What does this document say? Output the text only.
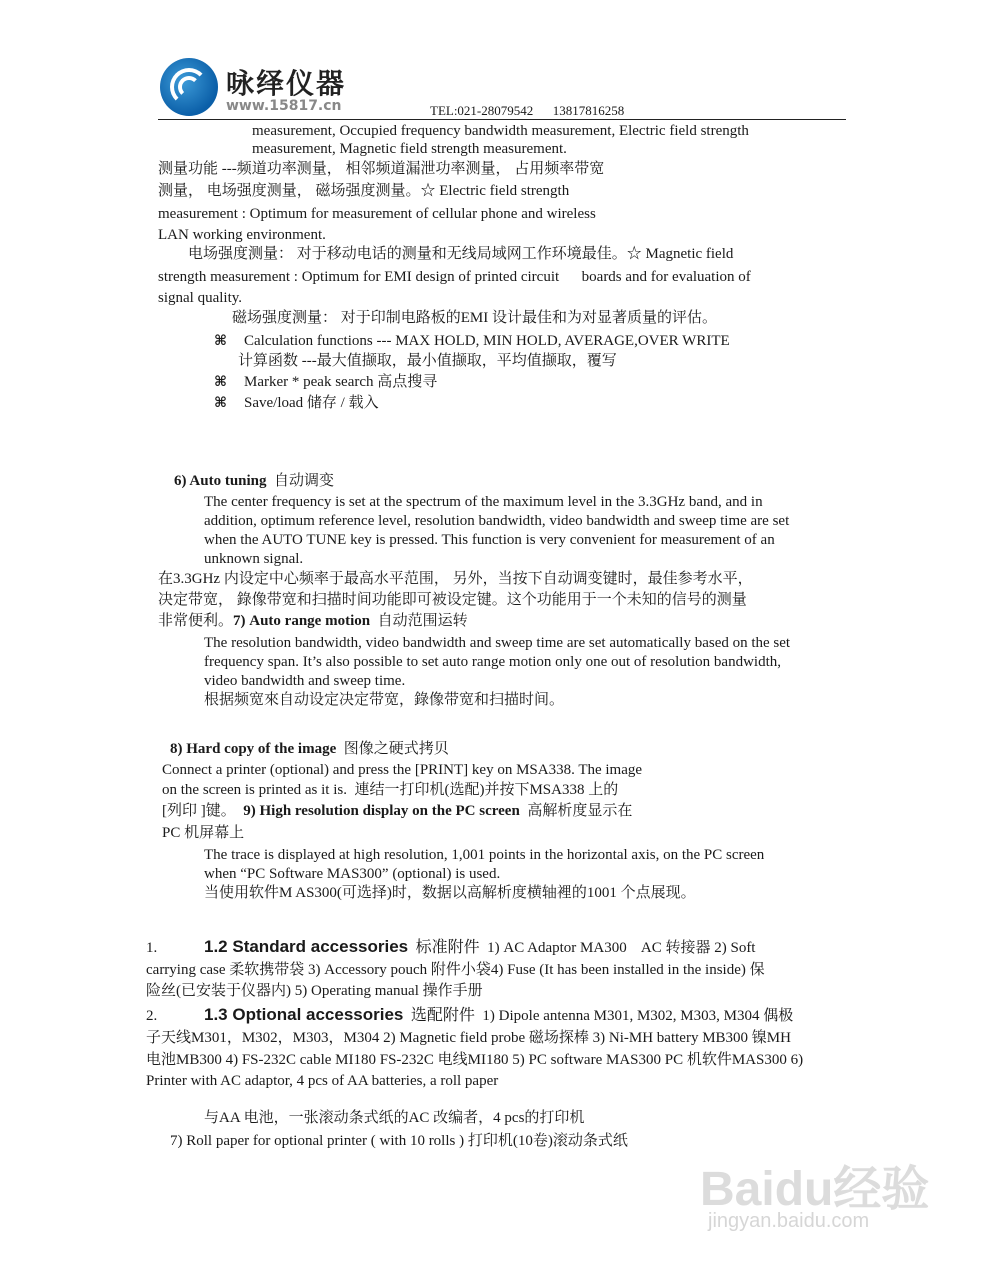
咏绎仪器
www.15817.cn	TEL:021-28079542      13817816258
measurement, Occupied frequency bandwidth measurement, Electric field strength
measurement, Magnetic field strength measurement.
测量功能 ---频道功率测量， 相邻频道漏泄功率测量， 占用频率带宽
测量， 电场强度测量， 磁场强度测量。☆ Electric field strength
measurement : Optimum for measurement of cellular phone and wireless
LAN working environment.
电场强度测量： 对于移动电话的测量和无线局域网工作环境最佳。☆ Magnetic field
strength measurement : Optimum for EMI design of printed circuit      boards and for evaluation of
signal quality.
磁场强度测量： 对于印制电路板的EMI 设计最佳和为对显著质量的评估。
⌘ Calculation functions --- MAX HOLD, MIN HOLD, AVERAGE,OVER WRITE
计算函数 ---最大值撷取，最小值撷取，平均值撷取，覆写
⌘ Marker * peak search 高点搜寻
⌘ Save/load 储存 / 载入
6) Auto tuning 自动调变
The center frequency is set at the spectrum of the maximum level in the 3.3GHz band, and in
addition, optimum reference level, resolution bandwidth, video bandwidth and sweep time are set
when the AUTO TUNE key is pressed. This function is very convenient for measurement of an
unknown signal.
在3.3GHz 内设定中心频率于最高水平范围， 另外，当按下自动调变键时，最佳参考水平，
决定带宽， 錄像带宽和扫描时间功能即可被设定键。这个功能用于一个未知的信号的测量
非常便利。7) Auto range motion 自动范围运转
The resolution bandwidth, video bandwidth and sweep time are set automatically based on the set
frequency span. It’s also possible to set auto range motion only one out of resolution bandwidth,
video bandwidth and sweep time.
根据频宽來自动设定决定带宽，錄像带宽和扫描时间。
8) Hard copy of the image 图像之硬式拷贝
Connect a printer (optional) and press the [PRINT] key on MSA338. The image
on the screen is printed as it is.  連结一打印机(选配)并按下MSA338 上的
[列印 ]键。 9) High resolution display on the PC screen 高解析度显示在
PC 机屏幕上
The trace is displayed at high resolution, 1,001 points in the horizontal axis, on the PC screen
when “PC Software MAS300” (optional) is used.
当使用软件M AS300(可选择)时，数据以高解析度横轴裡的1001 个点展现。
1.	1.2 Standard accessories 标准附件 1) AC Adaptor MA300    AC 转接器 2) Soft
carrying case 柔软携带袋 3) Accessory pouch 附件小袋4) Fuse (It has been installed in the inside) 保
险丝(已安装于仪器内) 5) Operating manual 操作手册
2.	1.3 Optional accessories 选配附件 1) Dipole antenna M301, M302, M303, M304 偶极
子天线M301，M302，M303，M304 2) Magnetic field probe 磁场探棒 3) Ni-MH battery MB300 镍MH
电池MB300 4) FS-232C cable MI180 FS-232C 电线MI180 5) PC software MAS300 PC 机软件MAS300 6)
Printer with AC adaptor, 4 pcs of AA batteries, a roll paper
与AA 电池，一张滚动条式纸的AC 改编者，4 pcs的打印机
7) Roll paper for optional printer ( with 10 rolls ) 打印机(10卷)滚动条式纸
Baidu经验
jingyan.baidu.com
